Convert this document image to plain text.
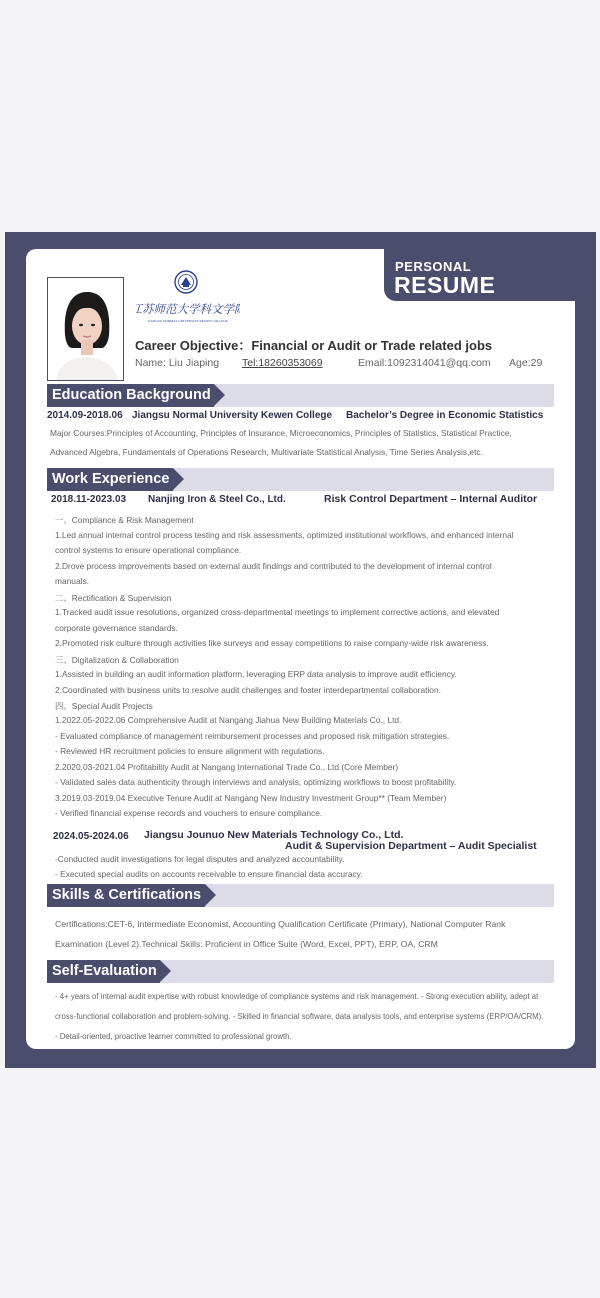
PERSONAL
RESUME
江苏师范大学科文学院
JIANGSU NORMAL UNIVERSITY KEWEN COLLEGE
Career Objective：Financial or Audit or Trade related jobs
Name: Liu Jiaping Tel:18260353069	Email:1092314041@qq.com Age:29
Education Background
2014.09-2018.06 Jiangsu Normal University Kewen College Bachelor’s Degree in Economic Statistics
Major Courses:Principles of Accounting, Principles of Insurance, Microeconomics, Principles of Statistics, Statistical Practice,
Advanced Algebra, Fundamentals of Operations Research, Multivariate Statistical Analysis, Time Series Analysis,etc.
Work Experience
2018.11-2023.03 Nanjing Iron & Steel Co., Ltd.	Risk Control Department – Internal Auditor
一、Compliance & Risk Management
1.Led annual internal control process testing and risk assessments, optimized institutional workflows, and enhanced internal
control systems to ensure operational compliance.
2.Drove process improvements based on external audit findings and contributed to the development of internal control
manuals.
二、Rectification & Supervision
1.Tracked audit issue resolutions, organized cross-departmental meetings to implement corrective actions, and elevated
corporate governance standards.
2.Promoted risk culture through activities like surveys and essay competitions to raise company-wide risk awareness.
三、Digitalization & Collaboration
1.Assisted in building an audit information platform, leveraging ERP data analysis to improve audit efficiency.
2.Coordinated with business units to resolve audit challenges and foster interdepartmental collaboration.
四、Special Audit Projects
1.2022.05-2022.06 Comprehensive Audit at Nangang Jiahua New Building Materials Co., Ltd.
- Evaluated compliance of management reimbursement processes and proposed risk mitigation strategies.
- Reviewed HR recruitment policies to ensure alignment with regulations.
2.2020.03-2021.04 Profitability Audit at Nangang International Trade Co., Ltd.(Core Member)
- Validated sales data authenticity through interviews and analysis, optimizing workflows to boost profitability.
3.2019.03-2019.04 Executive Tenure Audit at Nangang New Industry Investment Group** (Team Member)
- Verified financial expense records and vouchers to ensure compliance.
2024.05-2024.06 Jiangsu Jounuo New Materials Technology Co., Ltd.
Audit & Supervision Department – Audit Specialist
-Conducted audit investigations for legal disputes and analyzed accountability.
- Executed special audits on accounts receivable to ensure financial data accuracy.
Skills & Certifications
Certifications:CET-6, Intermediate Economist, Accounting Qualification Certificate (Primary), National Computer Rank Examination (Level 2).Technical Skills: Proficient in Office Suite (Word, Excel, PPT), ERP, OA, CRM
Self-Evaluation
- 4+ years of internal audit expertise with robust knowledge of compliance systems and risk management. - Strong execution ability, adept at cross-functional collaboration and problem-solving. - Skilled in financial software, data analysis tools, and enterprise systems (ERP/OA/CRM). - Detail-oriented, proactive learner committed to professional growth.
